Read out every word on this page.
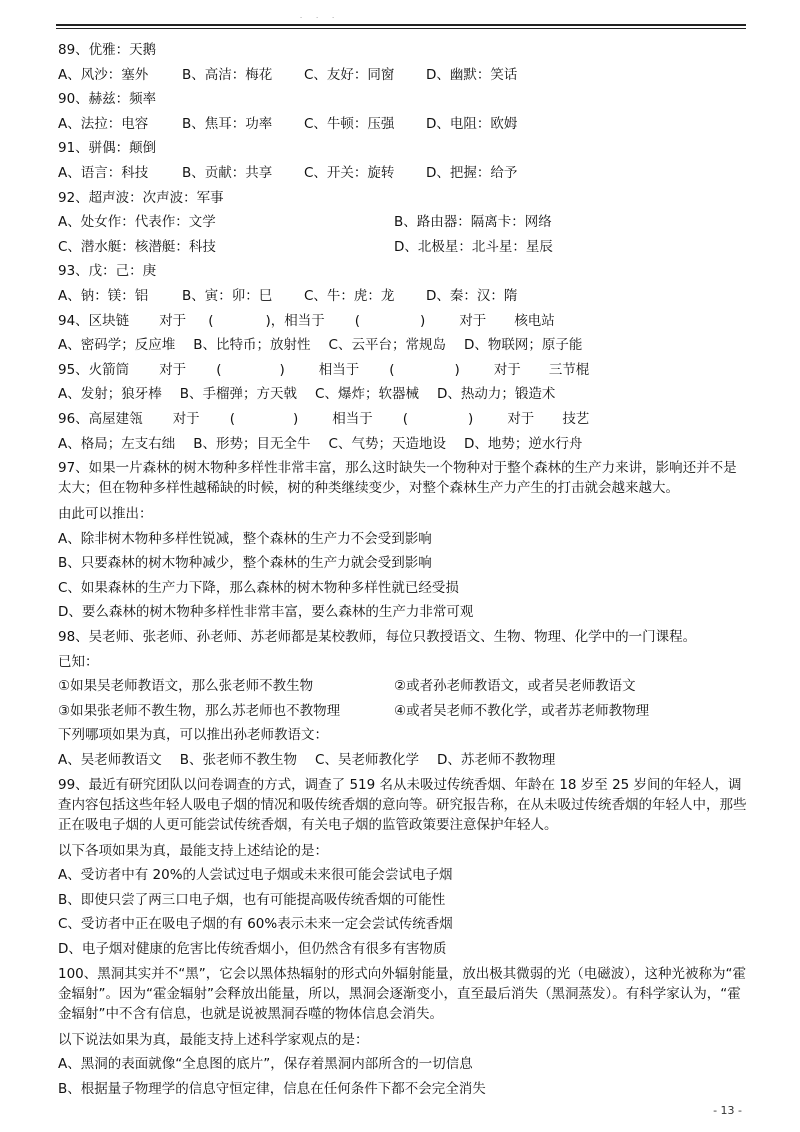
- - -
89、优雅：天鹅
A、风沙：塞外	B、高洁：梅花 C、友好：同窗 D、幽默：笑话
90、赫兹：频率
A、法拉：电容	B、焦耳：功率 C、牛顿：压强 D、电阻：欧姆
91、骈偶：颠倒
A、语言：科技	B、贡献：共享 C、开关：旋转 D、把握：给予
92、超声波：次声波：军事
A、处女作：代表作：文学	B、路由器：隔离卡：网络
C、潜水艇：核潜艇：科技	D、北极星：北斗星：星辰
93、戊：己：庚
A、钠：镁：铝	B、寅：卯：巳 C、牛：虎：龙 D、秦：汉：隋
94、区块链 对于 (	)，相当于 (	)	对于 核电站
A、密码学；反应堆 B、比特币；放射性 C、云平台；常规岛 D、物联网；原子能
95、火箭筒 对于 (	)	相当于 (	)	对于 三节棍
A、发射；狼牙棒 B、手榴弹；方天戟 C、爆炸；软器械 D、热动力；锻造术
96、高屋建瓴 对于 (	)	相当于 (	)	对于 技艺
A、格局；左支右绌 B、形势；目无全牛 C、气势；天造地设 D、地势；逆水行舟
97、如果一片森林的树木物种多样性非常丰富，那么这时缺失一个物种对于整个森林的生产力来讲，影响还并不是太大；但在物种多样性越稀缺的时候，树的种类继续变少，对整个森林生产力产生的打击就会越来越大。
由此可以推出：
A、除非树木物种多样性锐减，整个森林的生产力不会受到影响
B、只要森林的树木物种减少，整个森林的生产力就会受到影响
C、如果森林的生产力下降，那么森林的树木物种多样性就已经受损
D、要么森林的树木物种多样性非常丰富，要么森林的生产力非常可观
98、吴老师、张老师、孙老师、苏老师都是某校教师，每位只教授语文、生物、物理、化学中的一门课程。
已知：
①如果吴老师教语文，那么张老师不教生物	②或者孙老师教语文，或者吴老师教语文
③如果张老师不教生物，那么苏老师也不教物理	④或者吴老师不教化学，或者苏老师教物理
下列哪项如果为真，可以推出孙老师教语文：
A、吴老师教语文 B、张老师不教生物 C、吴老师教化学 D、苏老师不教物理
99、最近有研究团队以问卷调查的方式，调查了 519 名从未吸过传统香烟、年龄在 18 岁至 25 岁间的年轻人，调查内容包括这些年轻人吸电子烟的情况和吸传统香烟的意向等。研究报告称，在从未吸过传统香烟的年轻人中，那些正在吸电子烟的人更可能尝试传统香烟，有关电子烟的监管政策要注意保护年轻人。
以下各项如果为真，最能支持上述结论的是：
A、受访者中有 20%的人尝试过电子烟或未来很可能会尝试电子烟
B、即使只尝了两三口电子烟，也有可能提高吸传统香烟的可能性
C、受访者中正在吸电子烟的有 60%表示未来一定会尝试传统香烟
D、电子烟对健康的危害比传统香烟小，但仍然含有很多有害物质
100、黑洞其实并不“黑”，它会以黑体热辐射的形式向外辐射能量，放出极其微弱的光（电磁波），这种光被称为“霍金辐射”。因为“霍金辐射”会释放出能量，所以，黑洞会逐渐变小，直至最后消失（黑洞蒸发）。有科学家认为，“霍金辐射”中不含有信息，也就是说被黑洞吞噬的物体信息会消失。
以下说法如果为真，最能支持上述科学家观点的是：
A、黑洞的表面就像“全息图的底片”，保存着黑洞内部所含的一切信息
B、根据量子物理学的信息守恒定律，信息在任何条件下都不会完全消失
- 13 -
